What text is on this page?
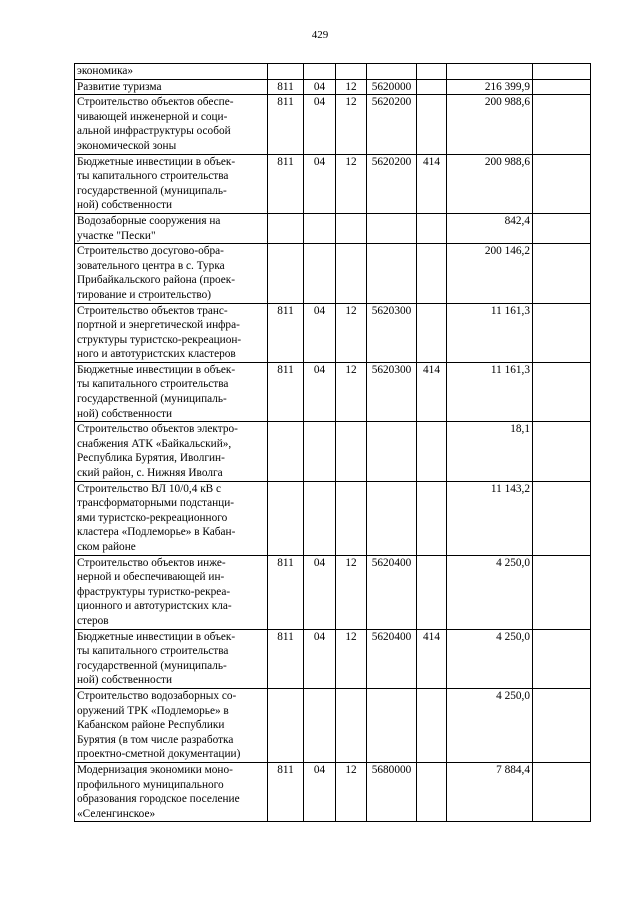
429
экономика»							

Развитие туризма	811	04	12	5620000		216 399,9	

Строительство объектов обеспе-
чивающей инженерной и соци-
альной инфраструктуры особой
экономической зоны	811	04	12	5620200		200 988,6	

Бюджетные инвестиции в объек-
ты капитального строительства
государственной (муниципаль-
ной) собственности	811	04	12	5620200	414	200 988,6	

Водозаборные сооружения на
участке "Пески"						842,4	

Строительство досугово-обра-
зовательного центра в с. Турка
Прибайкальского района (проек-
тирование и строительство)						200 146,2	

Строительство объектов транс-
портной и энергетической инфра-
структуры туристско-рекреацион-
ного и автотуристских кластеров	811	04	12	5620300		11 161,3	

Бюджетные инвестиции в объек-
ты капитального строительства
государственной (муниципаль-
ной) собственности	811	04	12	5620300	414	11 161,3	

Строительство объектов электро-
снабжения АТК «Байкальский»,
Республика Бурятия, Иволгин-
ский район, с. Нижняя Иволга						18,1	

Строительство ВЛ 10/0,4 кВ с
трансформаторными подстанци-
ями туристско-рекреационного
кластера «Подлеморье» в Кабан-
ском районе						11 143,2	

Строительство объектов инже-
нерной и обеспечивающей ин-
фраструктуры туристко-рекреа-
ционного и автотуристских кла-
стеров	811	04	12	5620400		4 250,0	

Бюджетные инвестиции в объек-
ты капитального строительства
государственной (муниципаль-
ной) собственности	811	04	12	5620400	414	4 250,0	

Строительство водозаборных со-
оружений ТРК «Подлеморье» в
Кабанском районе Республики
Бурятия (в том числе разработка
проектно-сметной документации)						4 250,0	

Модернизация экономики моно-
профильного муниципального
образования городское поселение
«Селенгинское»	811	04	12	5680000		7 884,4	
